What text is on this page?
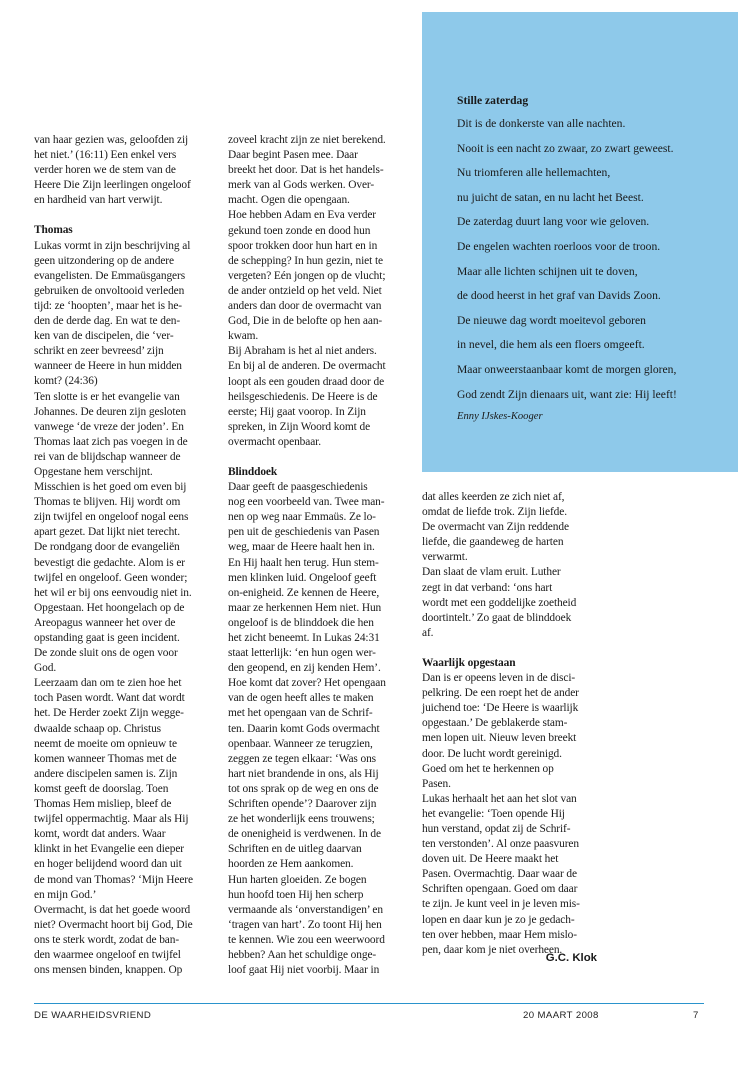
van haar gezien was, geloofden zij

het niet.’ (16:11) Een enkel vers

verder horen we de stem van de

Heere Die Zijn leerlingen ongeloof

en hardheid van hart verwijt.

Thomas

Lukas vormt in zijn beschrijving al

geen uitzondering op de andere

evangelisten. De Emmaüsgangers

gebruiken de onvoltooid verleden

tijd: ze ‘hoopten’, maar het is he-

den de derde dag. En wat te den-

ken van de discipelen, die ‘ver-

schrikt en zeer bevreesd’ zijn

wanneer de Heere in hun midden

komt? (24:36)

Ten slotte is er het evangelie van

Johannes. De deuren zijn gesloten

vanwege ‘de vreze der joden’. En

Thomas laat zich pas voegen in de

rei van de blijdschap wanneer de

Opgestane hem verschijnt.

Misschien is het goed om even bij

Thomas te blijven. Hij wordt om

zijn twijfel en ongeloof nogal eens

apart gezet. Dat lijkt niet terecht.

De rondgang door de evangeliën

bevestigt die gedachte. Alom is er

twijfel en ongeloof. Geen wonder;

het wil er bij ons eenvoudig niet in.

Opgestaan. Het hoongelach op de

Areopagus wanneer het over de

opstanding gaat is geen incident.

De zonde sluit ons de ogen voor

God.

Leerzaam dan om te zien hoe het

toch Pasen wordt. Want dat wordt

het. De Herder zoekt Zijn wegge-

dwaalde schaap op. Christus

neemt de moeite om opnieuw te

komen wanneer Thomas met de

andere discipelen samen is. Zijn

komst geeft de doorslag. Toen

Thomas Hem misliep, bleef de

twijfel oppermachtig. Maar als Hij

komt, wordt dat anders. Waar

klinkt in het Evangelie een dieper

en hoger belijdend woord dan uit

de mond van Thomas? ‘Mijn Heere

en mijn God.’

Overmacht, is dat het goede woord

niet? Overmacht hoort bij God, Die

ons te sterk wordt, zodat de ban-

den waarmee ongeloof en twijfel

ons mensen binden, knappen. Op

zoveel kracht zijn ze niet berekend.

Daar begint Pasen mee. Daar

breekt het door. Dat is het handels-

merk van al Gods werken. Over-

macht. Ogen die opengaan.

Hoe hebben Adam en Eva verder

gekund toen zonde en dood hun

spoor trokken door hun hart en in

de schepping? In hun gezin, niet te

vergeten? Eén jongen op de vlucht;

de ander ontzield op het veld. Niet

anders dan door de overmacht van

God, Die in de belofte op hen aan-

kwam.

Bij Abraham is het al niet anders.

En bij al de anderen. De overmacht

loopt als een gouden draad door de

heilsgeschiedenis. De Heere is de

eerste; Hij gaat voorop. In Zijn

spreken, in Zijn Woord komt de

overmacht openbaar.

Blinddoek

Daar geeft de paasgeschiedenis

nog een voorbeeld van. Twee man-

nen op weg naar Emmaüs. Ze lo-

pen uit de geschiedenis van Pasen

weg, maar de Heere haalt hen in.

En Hij haalt hen terug. Hun stem-

men klinken luid. Ongeloof geeft

on-enigheid. Ze kennen de Heere,

maar ze herkennen Hem niet. Hun

ongeloof is de blinddoek die hen

het zicht beneemt. In Lukas 24:31

staat letterlijk: ‘en hun ogen wer-

den geopend, en zij kenden Hem’.

Hoe komt dat zover? Het opengaan

van de ogen heeft alles te maken

met het opengaan van de Schrif-

ten. Daarin komt Gods overmacht

openbaar. Wanneer ze terugzien,

zeggen ze tegen elkaar: ‘Was ons

hart niet brandende in ons, als Hij

tot ons sprak op de weg en ons de

Schriften opende’? Daarover zijn

ze het wonderlijk eens trouwens;

de onenigheid is verdwenen. In de

Schriften en de uitleg daarvan

hoorden ze Hem aankomen.

Hun harten gloeiden. Ze bogen

hun hoofd toen Hij hen scherp

vermaande als ‘onverstandigen’ en

‘tragen van hart’. Zo toont Hij hen

te kennen. Wie zou een weerwoord

hebben? Aan het schuldige onge-

loof gaat Hij niet voorbij. Maar in

dat alles keerden ze zich niet af,

omdat de liefde trok. Zijn liefde.

De overmacht van Zijn reddende

liefde, die gaandeweg de harten

verwarmt.

Dan slaat de vlam eruit. Luther

zegt in dat verband: ‘ons hart

wordt met een goddelijke zoetheid

doortintelt.’ Zo gaat de blinddoek

af.

Waarlijk opgestaan

Dan is er opeens leven in de disci-

pelkring. De een roept het de ander

juichend toe: ‘De Heere is waarlijk

opgestaan.’ De geblakerde stam-

men lopen uit. Nieuw leven breekt

door. De lucht wordt gereinigd.

Goed om het te herkennen op

Pasen.

Lukas herhaalt het aan het slot van

het evangelie: ‘Toen opende Hij

hun verstand, opdat zij de Schrif-

ten verstonden’. Al onze paasvuren

doven uit. De Heere maakt het

Pasen. Overmachtig. Daar waar de

Schriften opengaan. Goed om daar

te zijn. Je kunt veel in je leven mis-

lopen en daar kun je zo je gedach-

ten over hebben, maar Hem mislo-

pen, daar kom je niet overheen.

G.C. Klok

Stille zaterdag

Dit is de donkerste van alle nachten.

Nooit is een nacht zo zwaar, zo zwart geweest.

Nu triomferen alle hellemachten,

nu juicht de satan, en nu lacht het Beest.

De zaterdag duurt lang voor wie geloven.

De engelen wachten roerloos voor de troon.

Maar alle lichten schijnen uit te doven,

de dood heerst in het graf van Davids Zoon.

De nieuwe dag wordt moeitevol geboren

in nevel, die hem als een floers omgeeft.

Maar onweerstaanbaar komt de morgen gloren,

God zendt Zijn dienaars uit, want zie: Hij leeft!

Enny IJskes-Kooger

DE WAARHEIDSVRIEND	20 MAART 2008	7
